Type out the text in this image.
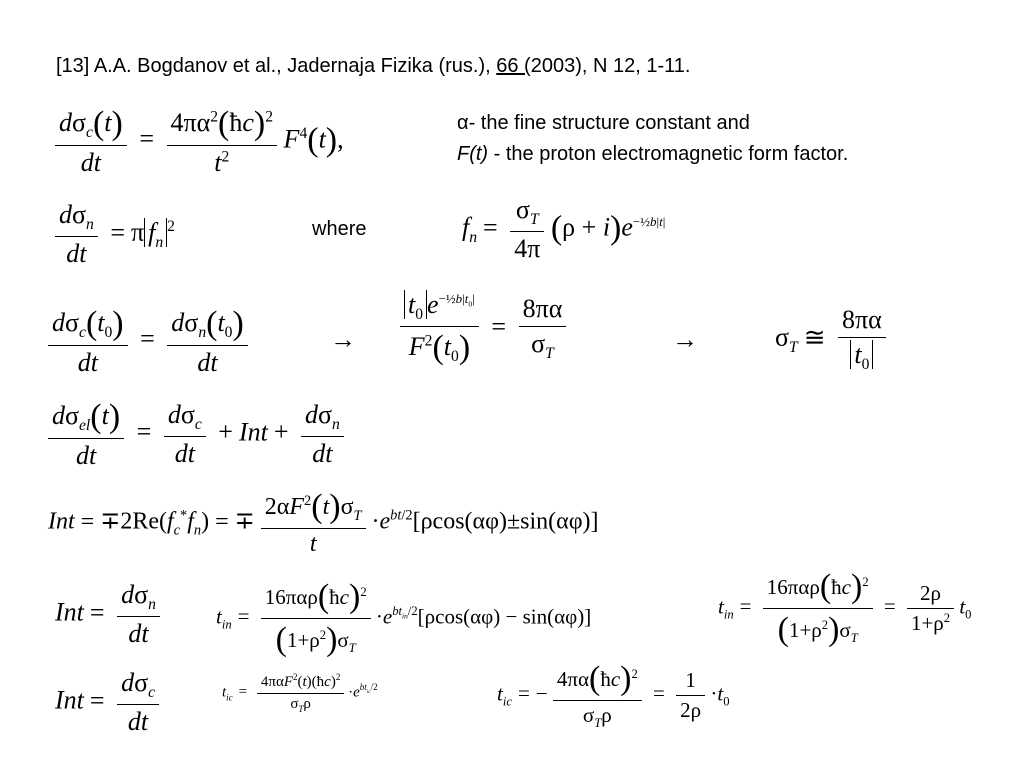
[13] A.A. Bogdanov et al., Jadernaja Fizika (rus.), 66 (2003), N 12, 1-11.
α- the fine structure constant and
F(t) - the proton electromagnetic form factor.
$\frac{d\sigma_c(t)}{dt} = \frac{4\pi\alpha^2(ħc)^2}{t^2} F^4(t)$,
$\frac{d\sigma_n}{dt} = \pi$ $f_n^2$	where	$f_n = \frac{\sigma_T}{4\pi} (\rho + i)e^{-\frac{1}{2}b|t|}$
$\frac{d\sigma_c(t_0)}{dt} = \frac{d\sigma_n(t_0)}{dt}$	→ $\frac{t_0 e^{-\frac{1}{2}b|t_0|}}{F^2(t_0)} = \frac{8\pi\alpha}{\sigma_T}$	→	$\sigma_T$ ≅ $\frac{8\pi\alpha}{t_0}$
$\frac{d\sigma_{el}(t)}{dt} = \frac{d\sigma_c}{dt}$ + Int + $\frac{d\sigma_n}{dt}$
Int = $\mp 2Re(f_c^*f_n)$ = ∓ $\frac{2\alpha F^2(t)\sigma_T}{t} \cdot e^{bt/2}[\rho\cos(\alpha\varphi)\pm\sin(\alpha\varphi)]$
Int = $\frac{d\sigma_n}{dt}$	$t_{in} = \frac{16\pi\alpha\rho(ħc)^2}{(1+\rho^2)\sigma_T} \cdot e^{bt_{in}/2}[\rho\cos(\alpha\varphi) - \sin(\alpha\varphi)]$	$t_{in} = \frac{16\pi\alpha\rho(ħc)^2}{(1+\rho^2)\sigma_T} = \frac{2\rho}{1+\rho^2} t_0$
Int = $\frac{d\sigma_c}{dt}$	$t_{ic} = \frac{4\pi\alpha F^2(t)(ħc)^2}{\sigma_T\rho} \cdot e^{bt_{ic}/2}$	$t_{ic}$ = − $\frac{4\pi\alpha(ħc)^2}{\sigma_T\rho} = \frac{1}{2\rho} \cdot t_0$
